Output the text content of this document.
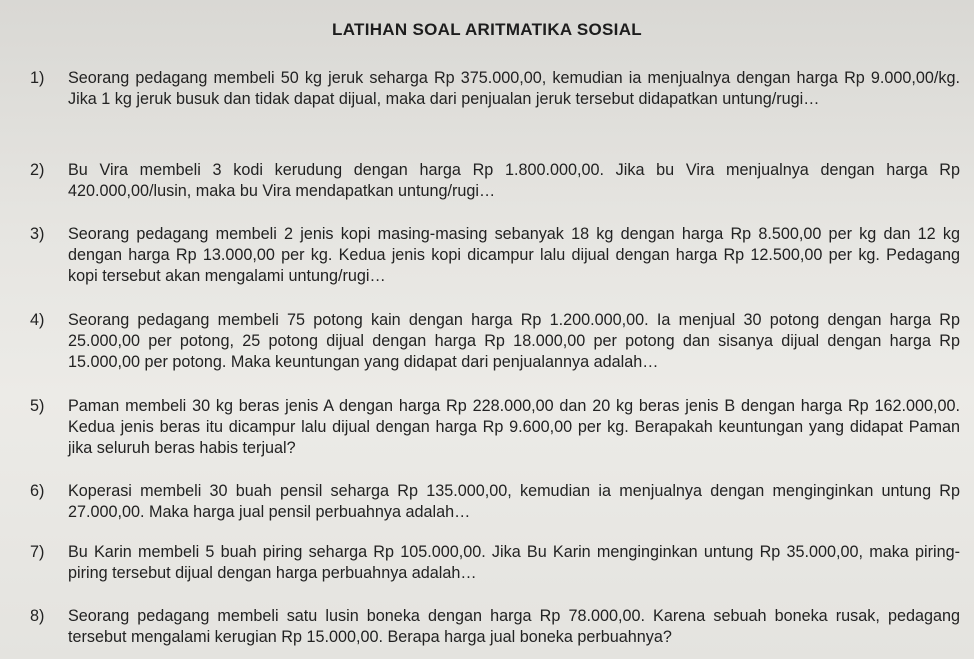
LATIHAN SOAL ARITMATIKA SOSIAL
1)	Seorang pedagang membeli 50 kg jeruk seharga Rp 375.000,00, kemudian ia menjualnya dengan harga Rp 9.000,00/kg. Jika 1 kg jeruk busuk dan tidak dapat dijual, maka dari penjualan jeruk tersebut didapatkan untung/rugi…
2)	Bu Vira membeli 3 kodi kerudung dengan harga Rp 1.800.000,00. Jika bu Vira menjualnya dengan harga Rp 420.000,00/lusin, maka bu Vira mendapatkan untung/rugi…
3)	Seorang pedagang membeli 2 jenis kopi masing-masing sebanyak 18 kg dengan harga Rp 8.500,00 per kg dan 12 kg dengan harga Rp 13.000,00 per kg. Kedua jenis kopi dicampur lalu dijual dengan harga Rp 12.500,00 per kg. Pedagang kopi tersebut akan mengalami untung/rugi…
4)	Seorang pedagang membeli 75 potong kain dengan harga Rp 1.200.000,00. Ia menjual 30 potong dengan harga Rp 25.000,00 per potong, 25 potong dijual dengan harga Rp 18.000,00 per potong dan sisanya dijual dengan harga Rp 15.000,00 per potong. Maka keuntungan yang didapat dari penjualannya adalah…
5)	Paman membeli 30 kg beras jenis A dengan harga Rp 228.000,00 dan 20 kg beras jenis B dengan harga Rp 162.000,00. Kedua jenis beras itu dicampur lalu dijual dengan harga Rp 9.600,00 per kg. Berapakah keuntungan yang didapat Paman jika seluruh beras habis terjual?
6)	Koperasi membeli 30 buah pensil seharga Rp 135.000,00, kemudian ia menjualnya dengan menginginkan untung Rp 27.000,00. Maka harga jual pensil perbuahnya adalah…
7)	Bu Karin membeli 5 buah piring seharga Rp 105.000,00. Jika Bu Karin menginginkan untung Rp 35.000,00, maka piring-piring tersebut dijual dengan harga perbuahnya adalah…
8)	Seorang pedagang membeli satu lusin boneka dengan harga Rp 78.000,00. Karena sebuah boneka rusak, pedagang tersebut mengalami kerugian Rp 15.000,00. Berapa harga jual boneka perbuahnya?
